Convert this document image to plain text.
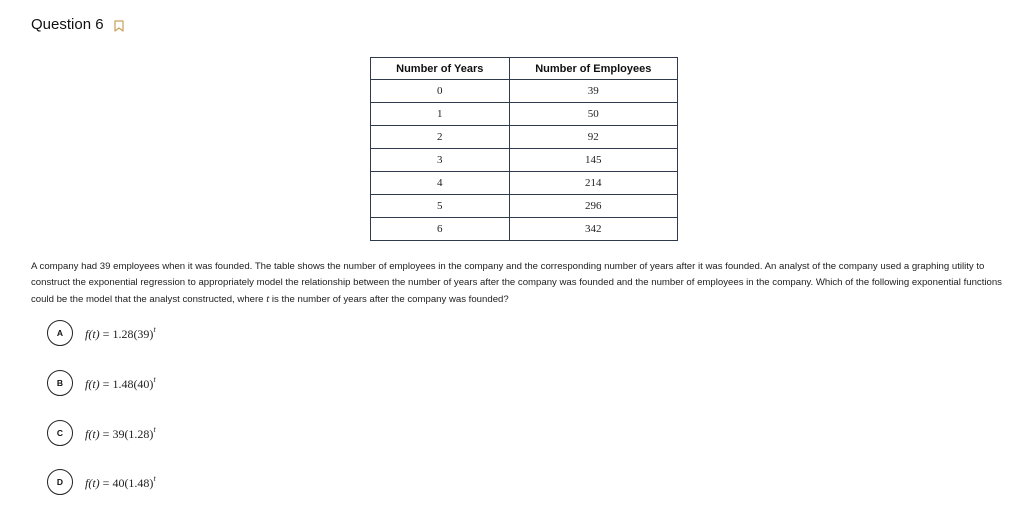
Question 6
Number of Years	Number of Employees
0	39
1	50
2	92
3	145
4	214
5	296
6	342

A company had 39 employees when it was founded. The table shows the number of employees in the company and the corresponding number of years after it was founded. An analyst of the company used a graphing utility to construct the exponential regression to appropriately model the relationship between the number of years after the company was founded and the number of employees in the company. Which of the following exponential functions could be the model that the analyst constructed, where t is the number of years after the company was founded?

A	$f(t) = 1.28(39)^t$
B	$f(t) = 1.48(40)^t$
C	$f(t) = 39(1.28)^t$
D	$f(t) = 40(1.48)^t$
